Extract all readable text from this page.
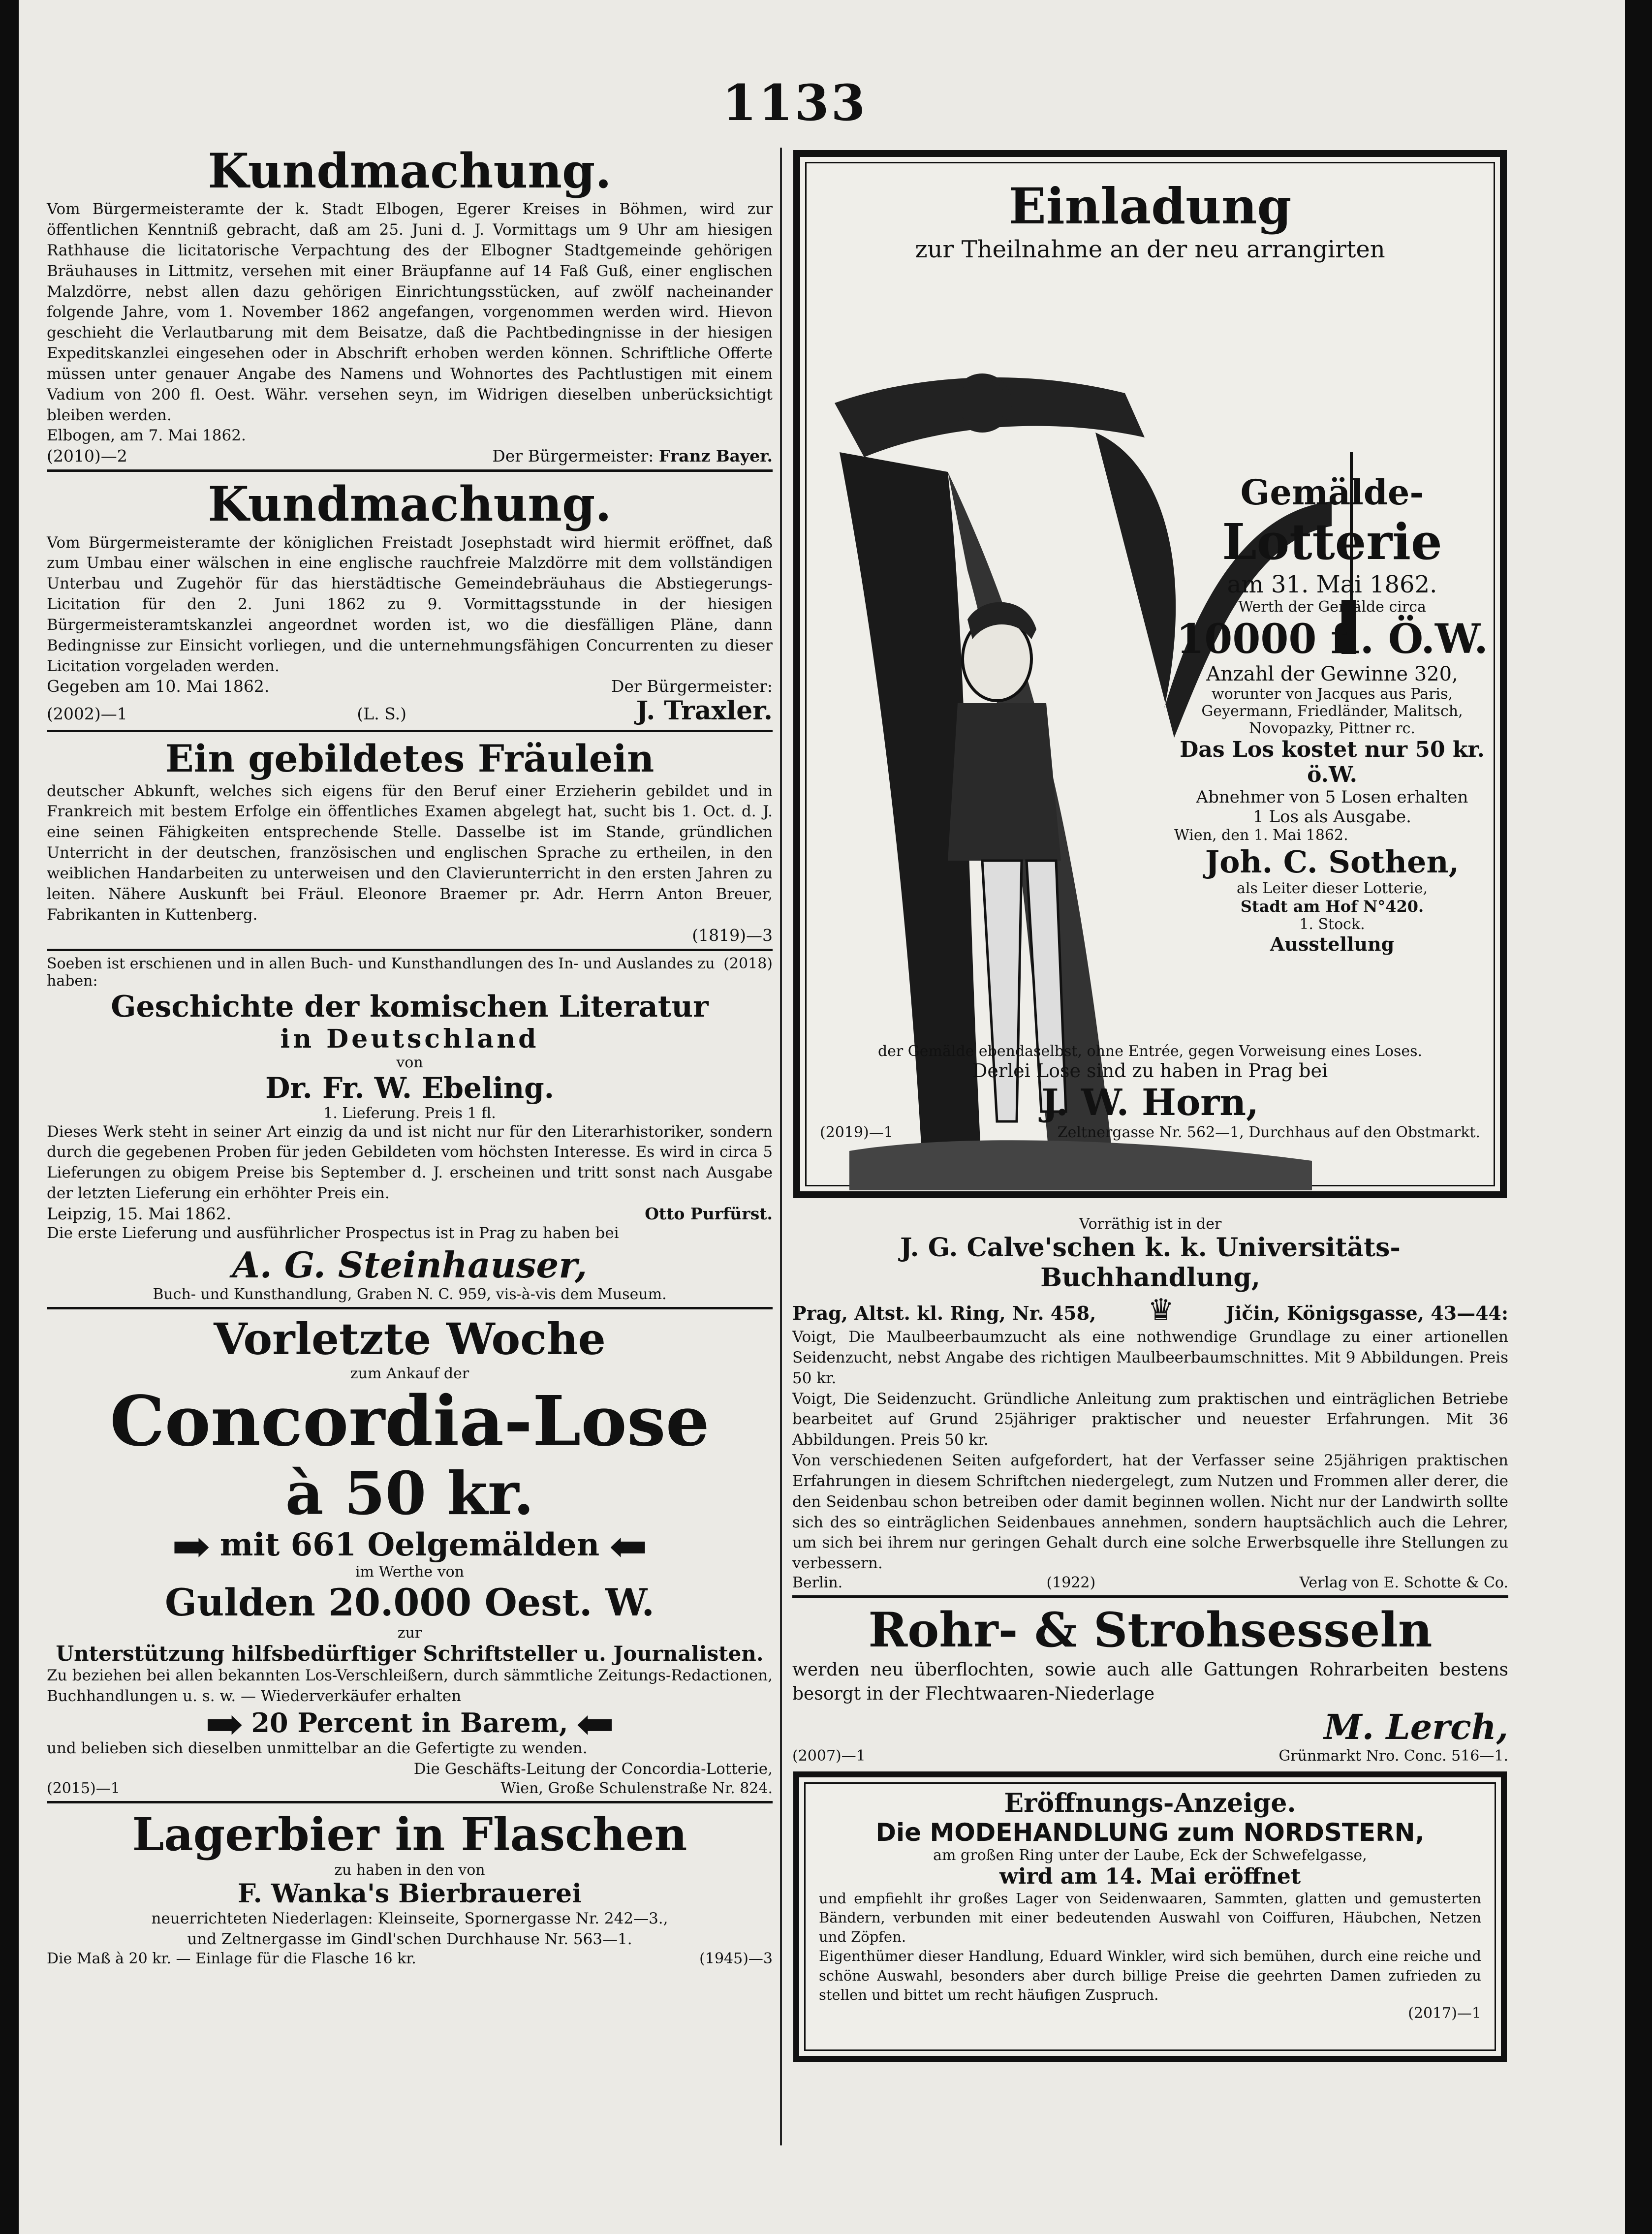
1133
Kundmachung.
Vom Bürgermeisteramte der k. Stadt Elbogen, Egerer Kreises in Böhmen, wird zur öffentlichen Kenntniß gebracht, daß am 25. Juni d. J. Vormittags um 9 Uhr am hiesigen Rathhause die licitatorische Verpachtung des der Elbogner Stadtgemeinde gehörigen Bräuhauses in Littmitz, versehen mit einer Bräupfanne auf 14 Faß Guß, einer englischen Malzdörre, nebst allen dazu gehörigen Einrichtungsstücken, auf zwölf nacheinander folgende Jahre, vom 1. November 1862 angefangen, vorgenommen werden wird. Hievon geschieht die Verlautbarung mit dem Beisatze, daß die Pachtbedingnisse in der hiesigen Expeditskanzlei eingesehen oder in Abschrift erhoben werden können. Schriftliche Offerte müssen unter genauer Angabe des Namens und Wohnortes des Pachtlustigen mit einem Vadium von 200 fl. Oest. Währ. versehen seyn, im Widrigen dieselben unberücksichtigt bleiben werden.
Elbogen, am 7. Mai 1862.
(2010)—2	Der Bürgermeister: Franz Bayer.
Kundmachung.
Vom Bürgermeisteramte der königlichen Freistadt Josephstadt wird hiermit eröffnet, daß zum Umbau einer wälschen in eine englische rauchfreie Malzdörre mit dem vollständigen Unterbau und Zugehör für das hierstädtische Gemeindebräuhaus die Abstiegerungs-Licitation für den 2. Juni 1862 zu 9. Vormittagsstunde in der hiesigen Bürgermeisteramtskanzlei angeordnet worden ist, wo die diesfälligen Pläne, dann Bedingnisse zur Einsicht vorliegen, und die unternehmungsfähigen Concurrenten zu dieser Licitation vorgeladen werden.
Gegeben am 10. Mai 1862.	Der Bürgermeister:
(2002)—1	(L. S.)	J. Traxler.
Ein gebildetes Fräulein
deutscher Abkunft, welches sich eigens für den Beruf einer Erzieherin gebildet und in Frankreich mit bestem Erfolge ein öffentliches Examen abgelegt hat, sucht bis 1. Oct. d. J. eine seinen Fähigkeiten entsprechende Stelle. Dasselbe ist im Stande, gründlichen Unterricht in der deutschen, französischen und englischen Sprache zu ertheilen, in den weiblichen Handarbeiten zu unterweisen und den Clavierunterricht in den ersten Jahren zu leiten. Nähere Auskunft bei Fräul. Eleonore Braemer pr. Adr. Herrn Anton Breuer, Fabrikanten in Kuttenberg.
(1819)—3
Soeben ist erschienen und in allen Buch- und Kunsthandlungen des In- und Auslandes zu haben:
(2018)
Geschichte der komischen Literatur
in Deutschland
von
Dr. Fr. W. Ebeling.
1. Lieferung. Preis 1 fl.
Dieses Werk steht in seiner Art einzig da und ist nicht nur für den Literarhistoriker, sondern durch die gegebenen Proben für jeden Gebildeten vom höchsten Interesse. Es wird in circa 5 Lieferungen zu obigem Preise bis September d. J. erscheinen und tritt sonst nach Ausgabe der letzten Lieferung ein erhöhter Preis ein.
Leipzig, 15. Mai 1862.	Otto Purfürst.
Die erste Lieferung und ausführlicher Prospectus ist in Prag zu haben bei
A. G. Steinhauser,
Buch- und Kunsthandlung, Graben N. C. 959, vis-à-vis dem Museum.
Vorletzte Woche
zum Ankauf der
Concordia-Lose
à 50 kr.
mit 661 Oelgemälden
im Werthe von
Gulden 20.000 Oest. W.
zur
Unterstützung hilfsbedürftiger Schriftsteller u. Journalisten.
Zu beziehen bei allen bekannten Los-Verschleißern, durch sämmtliche Zeitungs-Redactionen, Buchhandlungen u. s. w. — Wiederverkäufer erhalten
20 Percent in Barem,
und belieben sich dieselben unmittelbar an die Gefertigte zu wenden.
Die Geschäfts-Leitung der Concordia-Lotterie,
(2015)—1	Wien, Große Schulenstraße Nr. 824.
Lagerbier in Flaschen
zu haben in den von
F. Wanka's Bierbrauerei
neuerrichteten Niederlagen: Kleinseite, Spornergasse Nr. 242—3.,
und Zeltnergasse im Gindl'schen Durchhause Nr. 563—1.
Die Maß à 20 kr. — Einlage für die Flasche 16 kr.	(1945)—3
Einladung
zur Theilnahme an der neu arrangirten
Gemälde-
Lotterie
am 31. Mai 1862.
Werth der Gemälde circa
10000 fl. Ö.W.
Anzahl der Gewinne 320,
worunter von Jacques aus Paris, Geyermann, Friedländer, Malitsch, Novopazky, Pittner rc.
Das Los kostet nur 50 kr. ö.W.
Abnehmer von 5 Losen erhalten
1 Los als Ausgabe.
Wien, den 1. Mai 1862.
Joh. C. Sothen,
als Leiter dieser Lotterie,
Stadt am Hof N°420.
1. Stock.
Ausstellung
der Gemälde ebendaselbst, ohne Entrée, gegen Vorweisung eines Loses.
Derlei Lose sind zu haben in Prag bei
J. W. Horn,
(2019)—1	Zeltnergasse Nr. 562—1, Durchhaus auf den Obstmarkt.
Vorräthig ist in der
J. G. Calve'schen k. k. Universitäts-Buchhandlung,
Prag, Altst. kl. Ring, Nr. 458, ♛	Jičin, Königsgasse, 43—44:
Voigt, Die Maulbeerbaumzucht als eine nothwendige Grundlage zu einer artionellen Seidenzucht, nebst Angabe des richtigen Maulbeerbaumschnittes. Mit 9 Abbildungen. Preis 50 kr.
Voigt, Die Seidenzucht. Gründliche Anleitung zum praktischen und einträglichen Betriebe bearbeitet auf Grund 25jähriger praktischer und neuester Erfahrungen. Mit 36 Abbildungen. Preis 50 kr.
Von verschiedenen Seiten aufgefordert, hat der Verfasser seine 25jährigen praktischen Erfahrungen in diesem Schriftchen niedergelegt, zum Nutzen und Frommen aller derer, die den Seidenbau schon betreiben oder damit beginnen wollen. Nicht nur der Landwirth sollte sich des so einträglichen Seidenbaues annehmen, sondern hauptsächlich auch die Lehrer, um sich bei ihrem nur geringen Gehalt durch eine solche Erwerbsquelle ihre Stellungen zu verbessern.
Berlin.	(1922)	Verlag von E. Schotte & Co.
Rohr- & Strohsesseln
werden neu überflochten, sowie auch alle Gattungen Rohrarbeiten bestens besorgt in der Flechtwaaren-Niederlage
M. Lerch,
(2007)—1	Grünmarkt Nro. Conc. 516—1.
Eröffnungs-Anzeige.
Die MODEHANDLUNG zum NORDSTERN,
am großen Ring unter der Laube, Eck der Schwefelgasse,
wird am 14. Mai eröffnet
und empfiehlt ihr großes Lager von Seidenwaaren, Sammten, glatten und gemusterten Bändern, verbunden mit einer bedeutenden Auswahl von Coiffuren, Häubchen, Netzen und Zöpfen.
Eigenthümer dieser Handlung, Eduard Winkler, wird sich bemühen, durch eine reiche und schöne Auswahl, besonders aber durch billige Preise die geehrten Damen zufrieden zu stellen und bittet um recht häufigen Zuspruch.
(2017)—1
